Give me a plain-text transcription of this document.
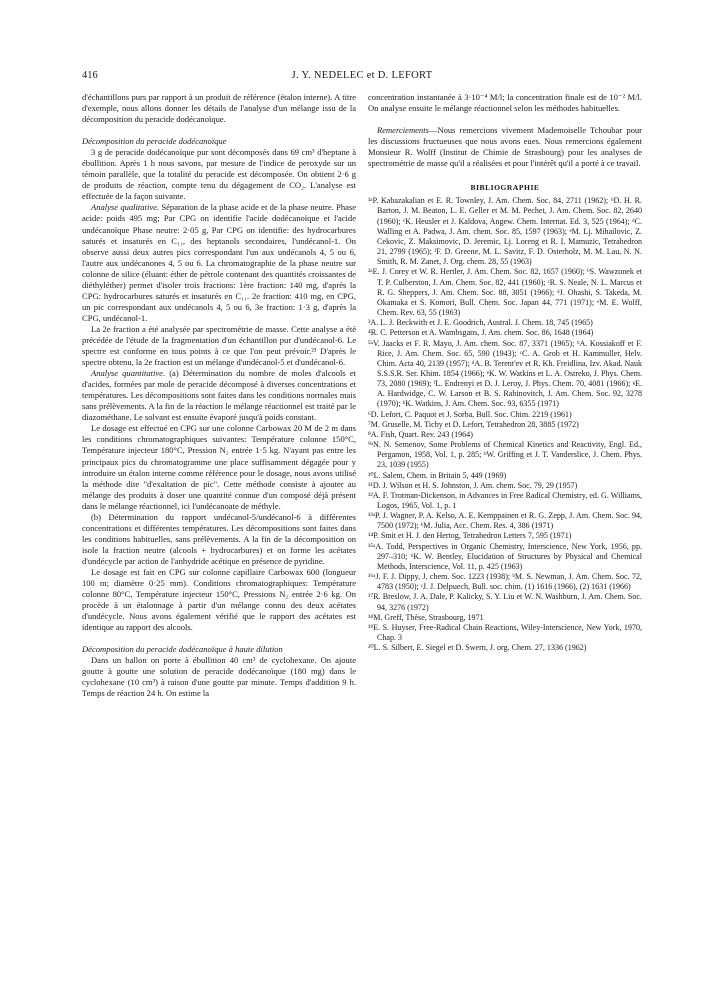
416	J. Y. NEDELEC et D. LEFORT

d'échantillons purs par rapport à un produit de référence (étalon interne). A titre d'exemple, nous allons donner les détails de l'analyse d'un mélange issu de la décomposition du peracide dodécanoïque.

Décomposition du peracide dodécanoïque

3 g de peracide dodécanoïque pur sont décomposés dans 69 cm³ d'heptane à ébullition. Après 1 h nous savons, par mesure de l'indice de peroxyde sur un témoin parallèle, que la totalité du peracide est décomposée. On obtient 2·6 g de produits de réaction, compte tenu du dégagement de CO₂. L'analyse est effectuée de la façon suivante.

Analyse qualitative. Séparation de la phase acide et de la phase neutre. Phase acide: poids 495 mg; Par CPG on identifie l'acide dodécanoïque et l'acide undécanoïque Phase neutre: 2·05 g, Par CPG on identifie: des hydrocarbures saturés et insaturés en C₁₁, des heptanols secondaires, l'undécanol-1. On observe aussi deux autres pics correspondant l'un aux undécanols 4, 5 ou 6, l'autre aux undécanones 4, 5 ou 6. La chromatographie de la phase neutre sur colonne de silice (éluant: éther de pétrole contenant des quantités croissantes de diéthyléther) permet d'isoler trois fractions: 1ère fraction: 140 mg, d'après la CPG: hydrocarbures saturés et insaturés en C₁₁. 2e fraction: 410 mg, en CPG, un pic correspondant aux undécanols 4, 5 ou 6, 3e fraction: 1·3 g, d'après la CPG, undécanol-1.

La 2e fraction a été analysée par spectrométrie de masse. Cette analyse a été précédée de l'étude de la fragmentation d'un échantillon pur d'undécanol-6. Le spectre est conforme en tous points à ce que l'on peut prévoir.²³ D'après le spectre obtenu, la 2e fraction est un mélange d'undécanol-5 et d'undécanol-6.

Analyse quantitative. (a) Détermination du nombre de moles d'alcools et d'acides, formées par mole de peracide décomposé à diverses concentrations et températures. Les décompositions sont faites dans les conditions normales mais sans prélèvements. A la fin de la réaction le mélange réactionnel est traité par le diazométhane. Le solvant est ensuite évaporé jusqu'à poids constant.

Le dosage est effectué en CPG sur une colonne Carbowax 20 M de 2 m dans les conditions chromatographiques suivantes: Température colonne 150°C, Température injecteur 180°C, Pression N₂ entrée 1·5 kg. N'ayant pas entre les principaux pics du chromatogramme une place suffisamment dégagée pour y introduire un étalon interne comme référence pour le dosage, nous avons utilisé la méthode dite "d'exaltation de pic". Cette méthode consiste à ajouter au mélange des produits à doser une quantité connue d'un composé déjà présent dans le mélange réactionnel, ici l'undécanoate de méthyle.

(b) Détermination du rapport undécanol-5/undécanol-6 à différentes concentrations et différentes températures. Les décompositions sont faites dans les conditions habituelles, sans prélèvements. A la fin de la décomposition on isole la fraction neutre (alcools + hydrocarbures) et on forme les acétates d'undécycle par action de l'anhydride acétique en présence de pyridine.

Le dosage est fait en CPG sur colonne capillaire Carbowax 600 (longueur 100 m; diamètre 0·25 mm). Conditions chromatographiques: Température colonne 80°C, Température injecteur 150°C, Pressions N₂ entrée 2·6 kg. On procède à un étalonnage à partir d'un mélange connu des deux acétates d'undécycle. Nous avons également vérifié que le rapport des acétates est identique au rapport des alcools.

Décomposition du peracide dodécanoïque à haute dilution

Dans un ballon on porte à ébullition 40 cm³ de cyclohexane. On ajoute goutte à goutte une solution de peracide dodécanoïque (180 mg) dans le cyclohexane (10 cm³) à raison d'une goutte par minute. Temps d'addition 9 h. Temps de réaction 24 h. On estime la

concentration instantanée à 3·10⁻⁴ M/l; la concentration finale est de 10⁻² M/l. On analyse ensuite le mélange réactionnel selon les méthodes habituelles.

Remerciements—Nous remercions vivement Mademoiselle Tchoubar pour les discussions fructueuses que nous avons eues. Nous remercions également Monsieur R. Wolff (Institut de Chimie de Strasbourg) pour les analyses de spectrométrie de masse qu'il a réalisées et pour l'intérêt qu'il a porté à ce travail.

BIBLIOGRAPHIE
¹ᵃP. Kabazakalian et E. R. Townley, J. Am. Chem. Soc. 84, 2711 (1962); ᵇD. H. R. Barton, J. M. Beaton, L. E. Geller et M. M. Pechet, J. Am. Chem. Soc. 82, 2640 (1960); ᶜK. Heusler et J. Kaldova, Angew. Chem. Internat. Ed. 3, 525 (1964); ᵈC. Walling et A. Padwa, J. Am. chem. Soc. 85, 1597 (1963); ᵉM. Lj. Mihailovic, Z. Cekovic, Z. Maksimovic, D. Jeremic, Lj. Loreng et R. I. Mamuzic, Tetrahedron 21, 2799 (1965); ᶠF. D. Greene, M. L. Savitz, F. D. Osterholz, M. M. Lau, N. N. Smith, R. M. Zanet, J. Org. chem. 28, 55 (1963)
²ᵃE. J. Corey et W. R. Hertler, J. Am. Chem. Soc. 82, 1657 (1960); ᵇS. Wawzonek et T. P. Culberston, J. Am. Chem. Soc. 82, 441 (1960); ᶜR. S. Neale, N. L. Marcus et R. G. Sheppers, J. Am. Chem. Soc. 88, 3051 (1966); ᵈJ. Ohashi, S. Takeda, M. Okamaka et S. Komori, Bull. Chem. Soc. Japan 44, 771 (1971); ᵉM. E. Wolff, Chem. Rev. 63, 55 (1963)
³A. L. J. Beckwith et J. E. Goodrich, Austral. J. Chem. 18, 745 (1965)
⁴R. C. Petterson et A. Wambsgans, J. Am. chem. Soc. 86, 1648 (1964)
⁵ᵃV. Jaacks et F. R. Mayo, J. Am. chem. Soc. 87, 3371 (1965); ᵇA. Kossiakoff et F. Rice, J. Am. Chem. Soc. 65, 590 (1943); ᶜC. A. Grob et H. Kammuller, Helv. Chim. Acta 40, 2139 (1957); ᵈA. B. Terent'ev et R. Kh. Freidlina, Izv. Akad. Nauk S.S.S.R. Ser. Khim. 1854 (1966); ᵉK. W. Watkins et L. A. Ostreko, J. Phys. Chem. 73, 2080 (1969); ᶠL. Endrenyi et D. J. Leroy, J. Phys. Chem. 70, 4081 (1966); ᵍE. A. Hardwidge, C. W. Larson et B. S. Rabinovitch, J. Am. Chem. Soc. 92, 3278 (1970); ʰK. Watkins, J. Am. Chem. Soc. 93, 6355 (1971)
⁶D. Lefort, C. Paquot et J. Sorba, Bull. Soc. Chim. 2219 (1961)
⁷M. Gruselle, M. Tichy et D. Lefort, Tetrahedron 28, 3885 (1972)
⁸A. Fish, Quart. Rev. 243 (1964)
⁹ᵃN. N. Semenov, Some Problems of Chemical Kinetics and Reactivity, Engl. Ed., Pergamon, 1958, Vol. 1, p. 285; ᵇW. Griffing et J. T. Vanderslice, J. Chem. Phys. 23, 1039 (1955)
¹⁰L. Salem, Chem. in Britain 5, 449 (1969)
¹¹D. J. Wilson et H. S. Johnston, J. Am. chem. Soc. 79, 29 (1957)
¹²A. F. Trotman-Dickenson, in Advances in Free Radical Chemistry, ed. G. Williams, Logos, 1965, Vol. 1, p. 1
¹³ᵃP. J. Wagner, P. A. Kelso, A. E. Kemppainen et R. G. Zepp, J. Am. Chem. Soc. 94, 7500 (1972); ᵇM. Julia, Acc. Chem. Res. 4, 386 (1971)
¹⁴P. Smit et H. J. den Hertog, Tetrahedron Letters 7, 595 (1971)
¹⁵ᵃA. Todd, Perspectives in Organic Chemistry, Interscience, New York, 1956, pp. 297–310; ᵇK. W. Bentley, Elucidation of Structures by Physical and Chemical Methods, Interscience, Vol. 11, p. 425 (1963)
¹⁶ᵃJ. F. J. Dippy, J. chem. Soc. 1223 (1938); ᵇM. S. Newman, J. Am. Chem. Soc. 72, 4783 (1950); ᶜJ. J. Delpuech, Bull. soc. chim. (1) 1616 (1966), (2) 1631 (1966)
¹⁷R. Breslow, J. A. Dale, P. Kalicky, S. Y. Liu et W. N. Washburn, J. Am. Chem. Soc. 94, 3276 (1972)
¹⁸M. Greff, Thèse, Strasbourg, 1971
¹⁹E. S. Huyser, Free-Radical Chain Reactions, Wiley-Interscience, New York, 1970, Chap. 3
²⁰L. S. Silbert, E. Siegel et D. Swern, J. org. Chem. 27, 1336 (1962)
